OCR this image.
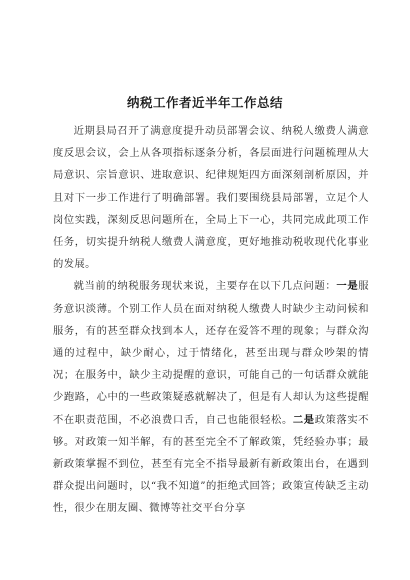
纳税工作者近半年工作总结

近期县局召开了满意度提升动员部署会议、纳税人缴费人满意度反思会议，会上从各项指标逐条分析，各层面进行问题梳理从大局意识、宗旨意识、进取意识、纪律规矩四方面深刻剖析原因，并且对下一步工作进行了明确部署。我们要围绕县局部署，立足个人岗位实践，深刻反思问题所在，全局上下一心，共同完成此项工作任务，切实提升纳税人缴费人满意度，更好地推动税收现代化事业的发展。

就当前的纳税服务现状来说，主要存在以下几点问题：一是服务意识淡薄。个别工作人员在面对纳税人缴费人时缺少主动问候和服务，有的甚至群众找到本人，还存在爱答不理的现象；与群众沟通的过程中，缺少耐心，过于情绪化，甚至出现与群众吵架的情况；在服务中，缺少主动提醒的意识，可能自己的一句话群众就能少跑路，心中的一些政策疑惑就解决了，但是有人却认为这些提醒不在职责范围，不必浪费口舌，自己也能很轻松。二是政策落实不够。对政策一知半解，有的甚至完全不了解政策，凭经验办事；最新政策掌握不到位，甚至有完全不指导最新有新政策出台，在遇到群众提出问题时，以“我不知道”的拒绝式回答；政策宣传缺乏主动性，很少在朋友圈、微博等社交平台分享
